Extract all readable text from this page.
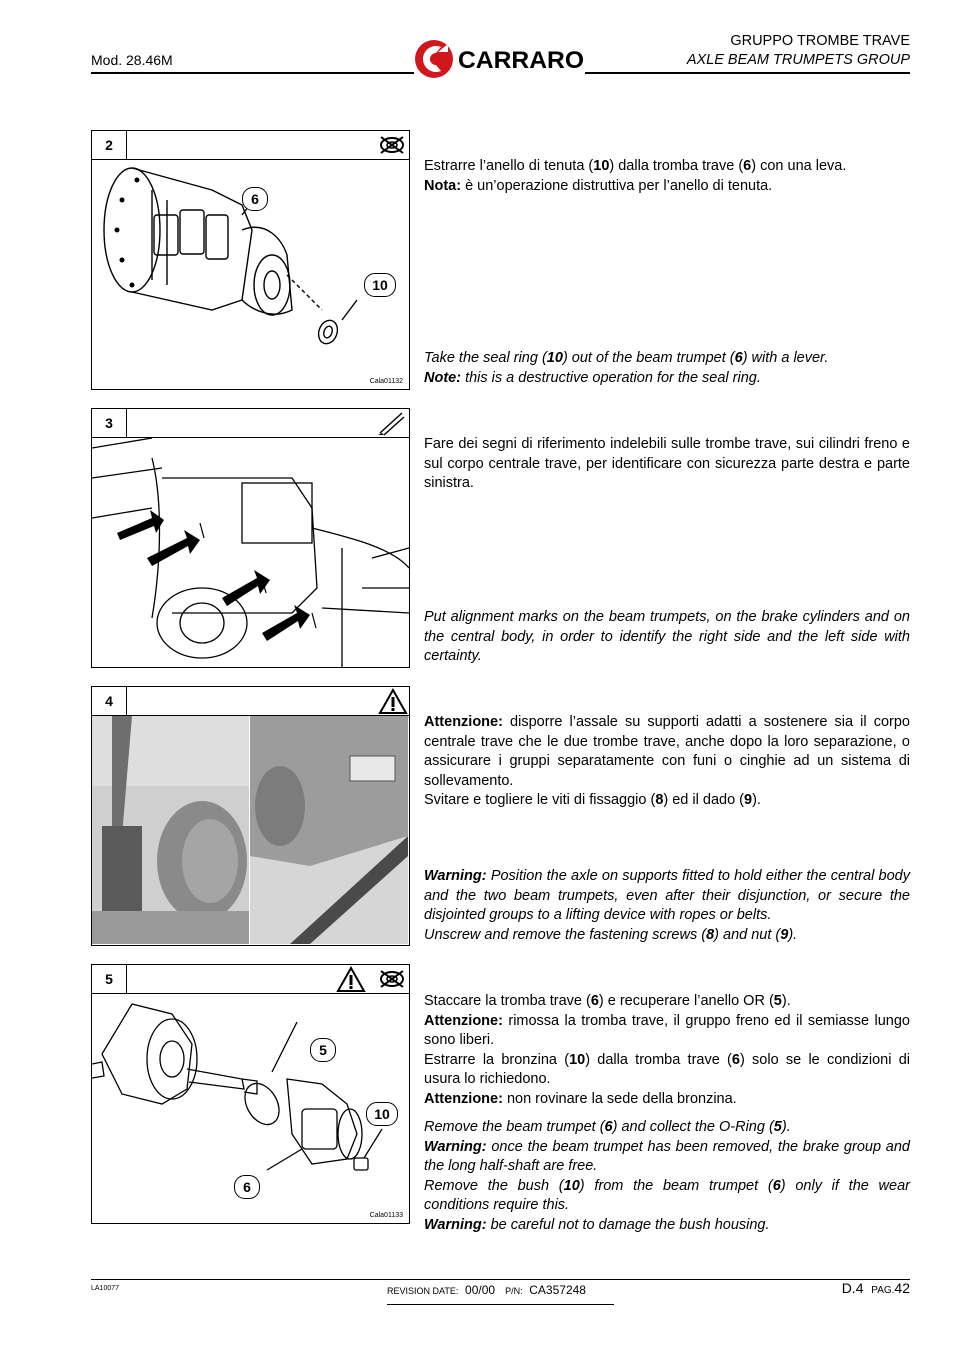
Mod. 28.46M	CARRARO
GRUPPO TROMBE TRAVE
AXLE BEAM TRUMPETS GROUP
2
6
10
Cala01132

Estrarre l’anello di tenuta (10) dalla tromba trave (6) con una leva.

Nota: è un’operazione distruttiva per l’anello di tenuta.

Take the seal ring (10) out of the beam trumpet (6) with a lever.

Note: this is a destructive operation for the seal ring.

3
Fare dei segni di riferimento indelebili sulle trombe trave, sui cilindri freno e sul corpo centrale trave, per identificare con sicurezza parte destra e parte sinistra.
Put alignment marks on the beam trumpets, on the brake cylinders and on the central body, in order to identify the right side and the left side with certainty.
4

Attenzione: disporre l’assale su supporti adatti a sostenere sia il corpo centrale trave che le due trombe trave, anche dopo la loro separazione, o assicurare i gruppi separatamente con funi o cinghie ad un sistema di sollevamento.

Svitare e togliere le viti di fissaggio (8) ed il dado (9).

Warning: Position the axle on supports fitted to hold either the central body and the two beam trumpets, even after their disjunction, or secure the disjointed groups to a lifting device with ropes or belts.

Unscrew and remove the fastening screws (8) and nut (9).

5
5
10
6
Cala01133

Staccare la tromba trave (6) e recuperare l’anello OR (5).

Attenzione: rimossa la tromba trave, il gruppo freno ed il semiasse lungo sono liberi.

Estrarre la bronzina (10) dalla tromba trave (6) solo se le condizioni di usura lo richiedono.

Attenzione: non rovinare la sede della bronzina.

Remove the beam trumpet (6) and collect the O-Ring (5).

Warning: once the beam trumpet has been removed, the brake group and the long half-shaft are free.

Remove the bush (10) from the beam trumpet (6) only if the wear conditions require this.

Warning: be careful not to damage the bush housing.

LA10077	REVISION DATE: 00/00 P/N: CA357248	D.4 PAG.42
